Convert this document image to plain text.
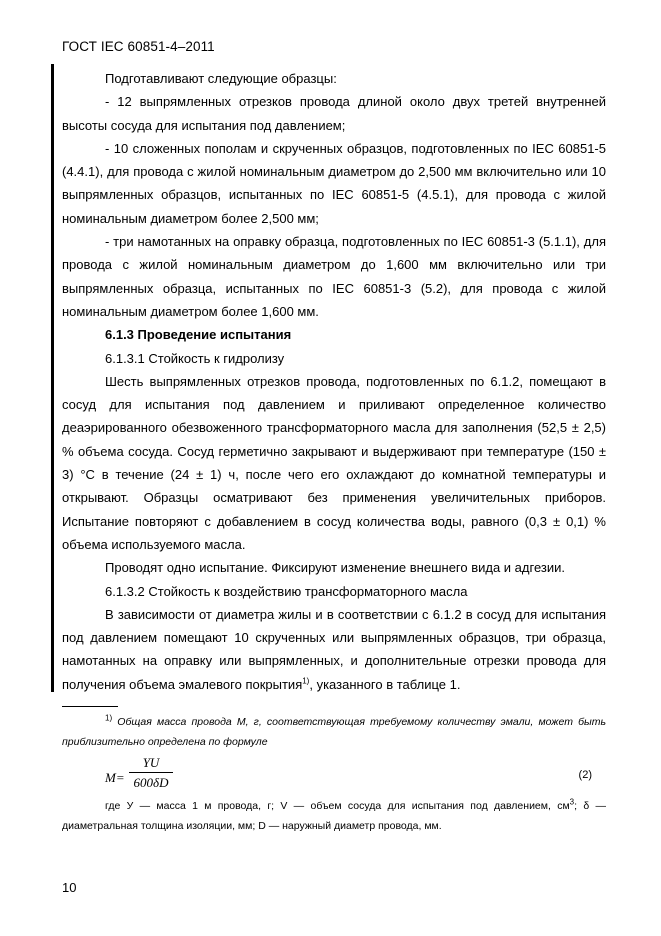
ГОСТ IEC 60851-4–2011

Подготавливают следующие образцы:

- 12 выпрямленных отрезков провода длиной около двух третей внутренней высоты сосуда для испытания под давлением;

- 10 сложенных пополам и скрученных образцов, подготовленных по IEC 60851-5 (4.4.1), для провода с жилой номинальным диаметром до 2,500 мм включительно или 10 выпрямленных образцов, испытанных по IEC 60851-5 (4.5.1), для провода с жилой номинальным диаметром более 2,500 мм;

- три намотанных на оправку образца, подготовленных по IEC 60851-3 (5.1.1), для провода с жилой номинальным диаметром до 1,600 мм включительно или три выпрямленных образца, испытанных по IEC 60851-3 (5.2), для провода с жилой номинальным диаметром более 1,600 мм.

6.1.3 Проведение испытания

6.1.3.1 Стойкость к гидролизу

Шесть выпрямленных отрезков провода, подготовленных по 6.1.2, помещают в сосуд для испытания под давлением и приливают определенное количество деаэрированного обезвоженного трансформаторного масла для заполнения (52,5 ± 2,5) % объема сосуда. Сосуд герметично закрывают и выдерживают при температуре (150 ± 3) °С в течение (24 ± 1) ч, после чего его охлаждают до комнатной температуры и открывают. Образцы осматривают без применения увеличительных приборов. Испытание повторяют с добавлением в сосуд количества воды, равного (0,3 ± 0,1) % объема используемого масла.

Проводят одно испытание. Фиксируют изменение внешнего вида и адгезии.

6.1.3.2 Стойкость к воздействию трансформаторного масла

В зависимости от диаметра жилы и в соответствии с 6.1.2 в сосуд для испытания под давлением помещают 10 скрученных или выпрямленных образцов, три образца, намотанных на оправку или выпрямленных, и дополнительные отрезки провода для получения объема эмалевого покрытия$^{1)}$, указанного в таблице 1.

$^{1)}$ Общая масса провода M, г, соответствующая требуемому количеству эмали, может быть приблизительно определена по формуле

M=
YU
600δD	(2)

где У — масса 1 м провода, г; V — объем сосуда для испытания под давлением, $см^3$; δ — диаметральная толщина изоляции, мм; D — наружный диаметр провода, мм.

10
